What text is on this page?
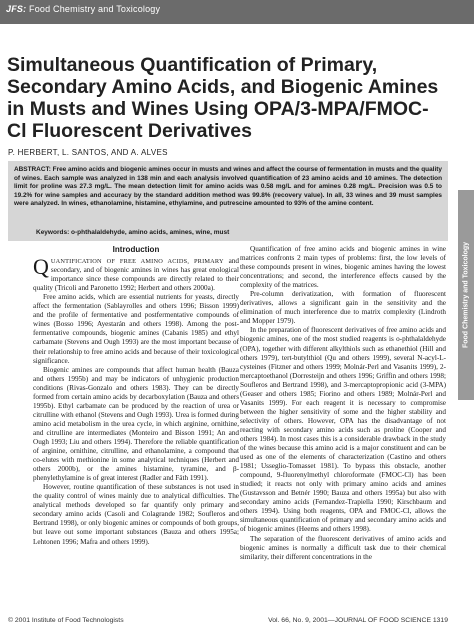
JFS: Food Chemistry and Toxicology
Food Chemistry and Toxicology
Simultaneous Quantification of Primary, Secondary Amino Acids, and Biogenic Amines in Musts and Wines Using OPA/3-MPA/FMOC-Cl Fluorescent Derivatives
P. HERBERT, L. SANTOS, AND A. ALVES
ABSTRACT: Free amino acids and biogenic amines occur in musts and wines and affect the course of fermentation in musts and the quality of wines. Each sample was analyzed in 138 min and each analysis involved quantification of 23 amino acids and 10 amines. The detection limit for proline was 27.3 mg/L. The mean detection limit for amino acids was 0.58 mg/L and for amines 0.28 mg/L. Precision was 0.5 to 19.2% for wine samples and accuracy by the standard addition method was 99.8% (recovery value). In all, 33 wines and 39 must samples were analyzed. In wines, ethanolamine, histamine, ethylamine, and putrescine amounted to 93% of the amine content.
Keywords: o-phthalaldehyde, amino acids, amines, wine, must
Introduction

QUANTIFICATION OF FREE AMINO ACIDS, PRIMARY and secondary, and of biogenic amines in wines has great enological importance since these compounds are directly related to their quality (Tricoli and Paronetto 1992; Herbert and others 2000a).

Free amino acids, which are essential nutrients for yeasts, directly affect the fermentation (Sablayrolles and others 1996; Bisson 1999) and the profile of fermentative and postfermentative compounds of wines (Bosso 1996; Ayestarán and others 1998). Among the post-fermentative compounds, biogenic amines (Cabanis 1985) and ethyl carbamate (Stevens and Ough 1993) are the most important because of their relationship to free amino acids and because of their toxicological significance.

Biogenic amines are compounds that affect human health (Bauza and others 1995b) and may be indicators of unhygienic production conditions (Rivas-Gonzalo and others 1983). They can be directly formed from certain amino acids by decarboxylation (Bauza and others 1995b). Ethyl carbamate can be produced by the reaction of urea or citrulline with ethanol (Stevens and Ough 1993). Urea is formed during amino acid metabolism in the urea cycle, in which arginine, ornithine, and citrulline are intermediates (Monteiro and Bisson 1991; An and Ough 1993; Liu and others 1994). Therefore the reliable quantification of arginine, ornithine, citrulline, and ethanolamine, a compound that co-elutes with methionine in some analytical techniques (Herbert and others 2000b), or the amines histamine, tyramine, and β-phenylethylamine is of great interest (Radler and Fäth 1991).

However, routine quantification of these substances is not used in the quality control of wines mainly due to analytical difficulties. The analytical methods developed so far quantify only primary and secondary amino acids (Casoli and Colagrande 1982; Soufleros and Bertrand 1998), or only biogenic amines or compounds of both groups, but leave out some important substances (Bauza and others 1995a; Lehtonen 1996; Mafra and others 1999).

Quantification of free amino acids and biogenic amines in wine matrices confronts 2 main types of problems: first, the low levels of these compounds present in wines, biogenic amines having the lowest concentrations; and second, the interference effects caused by the complexity of the matrices.

Pre-column derivatization, with formation of fluorescent derivatives, allows a significant gain in the sensitivity and the elimination of much interference due to matrix complexity (Lindroth and Mopper 1979).

In the preparation of fluorescent derivatives of free amino acids and biogenic amines, one of the most studied reagents is o-phthalaldehyde (OPA), together with different alkylthiols such as ethanethiol (Hill and others 1979), tert-butylthiol (Qu and others 1999), several N-acyl-L-cysteines (Fitzner and others 1999; Molnár-Perl and Vasanits 1999), 2-mercaptoethanol (Dorresteijn and others 1996; Griffin and others 1998; Soufleros and Bertrand 1998), and 3-mercaptopropionic acid (3-MPA) (Geaser and others 1985; Fiorino and others 1989; Molnár-Perl and Vasanits 1999). For each reagent it is necessary to compromise between the higher sensitivity of some and the higher stability and selectivity of others. However, OPA has the disadvantage of not reacting with secondary amino acids such as proline (Cooper and others 1984). In most cases this is a considerable drawback in the study of the wines because this amino acid is a major constituent and can be used as one of the elements of characterization (Castino and others 1981; Usseglio-Tomasset 1981). To bypass this obstacle, another compound, 9-fluorenylmethyl chloroformate (FMOC-Cl) has been studied; it reacts not only with primary amino acids and amines (Gustavsson and Betnér 1990; Bauza and others 1995a) but also with secondary amino acids (Fernandez-Trapiella 1990; Kirschbaum and others 1994). Using both reagents, OPA and FMOC-Cl, allows the simultaneous quantification of primary and secondary amino acids and of biogenic amines (Heems and others 1998).

The separation of the fluorescent derivatives of amino acids and biogenic amines is normally a difficult task due to their chemical similarity, their different concentrations in the

© 2001 Institute of Food Technologists	Vol. 66, No. 9, 2001—JOURNAL OF FOOD SCIENCE 1319
